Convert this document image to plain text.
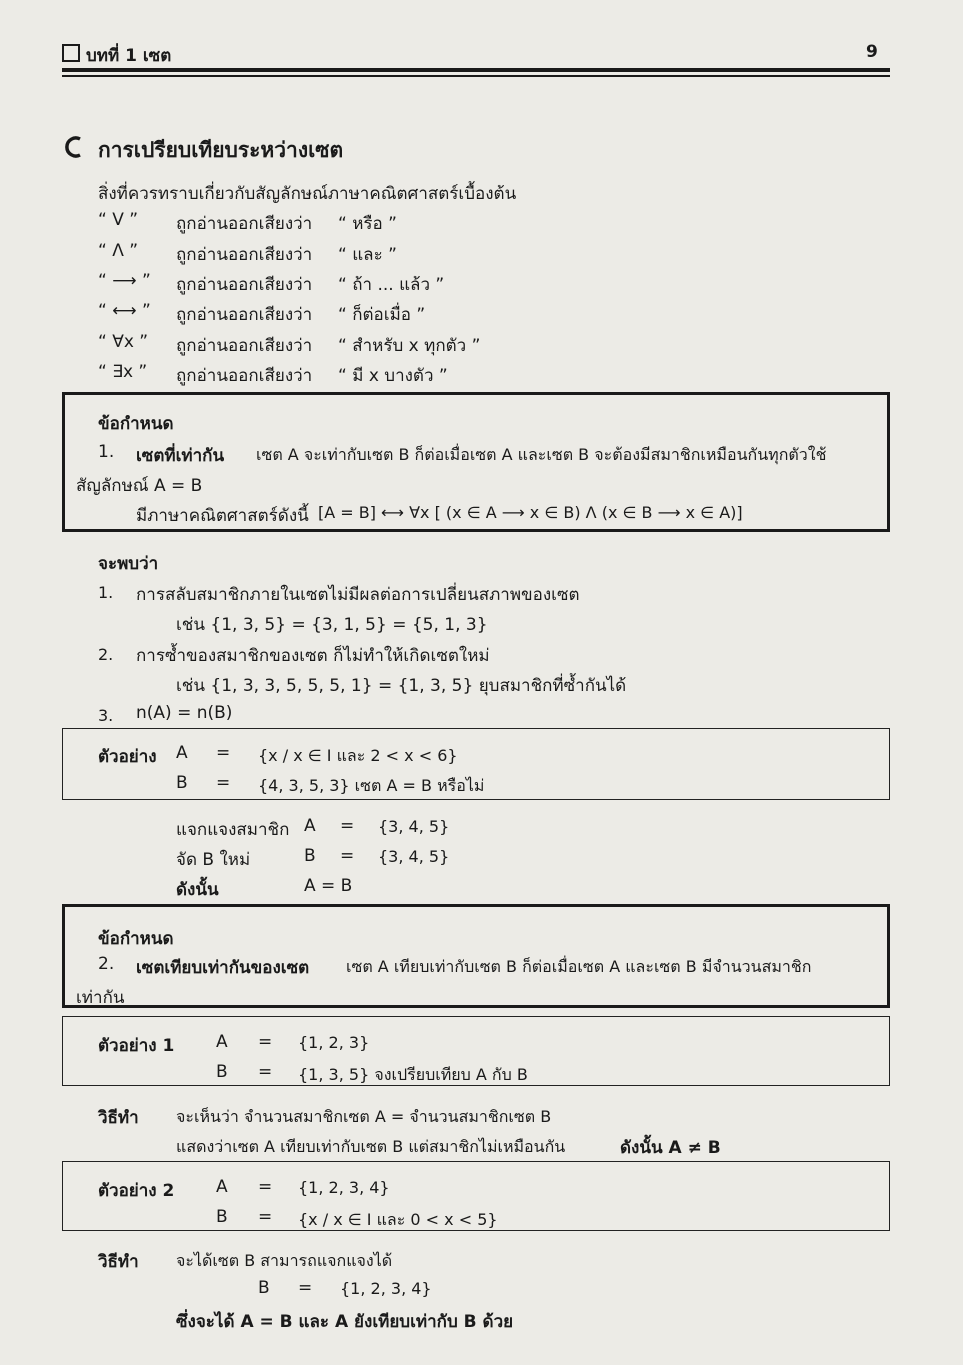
บทที่ 1 เซต	9
การเปรียบเทียบระหว่างเซต
สิ่งที่ควรทราบเกี่ยวกับสัญลักษณ์ภาษาคณิตศาสตร์เบื้องต้น
“ V ” ถูกอ่านออกเสียงว่า “ หรือ ”
“ Λ ” ถูกอ่านออกเสียงว่า “ และ ”
“ ⟶ ” ถูกอ่านออกเสียงว่า “ ถ้า ... แล้ว ”
“ ⟷ ” ถูกอ่านออกเสียงว่า “ ก็ต่อเมื่อ ”
“ ∀x ” ถูกอ่านออกเสียงว่า “ สำหรับ x ทุกตัว ”
“ ∃x ” ถูกอ่านออกเสียงว่า “ มี x บางตัว ”
ข้อกำหนด
1. เซตที่เท่ากัน เซต A จะเท่ากับเซต B ก็ต่อเมื่อเซต A และเซต B จะต้องมีสมาชิกเหมือนกันทุกตัวใช้
สัญลักษณ์ A = B
มีภาษาคณิตศาสตร์ดังนี้ [A = B] ⟷ ∀x [ (x ∈ A ⟶ x ∈ B) Λ (x ∈ B ⟶ x ∈ A)]
จะพบว่า
1. การสลับสมาชิกภายในเซตไม่มีผลต่อการเปลี่ยนสภาพของเซต
เช่น {1, 3, 5} = {3, 1, 5} = {5, 1, 3}
2. การซ้ำของสมาชิกของเซต ก็ไม่ทำให้เกิดเซตใหม่
เช่น {1, 3, 3, 5, 5, 5, 1} = {1, 3, 5} ยุบสมาชิกที่ซ้ำกันได้
3. n(A) = n(B)
ตัวอย่าง A = {x / x ∈ I และ 2 < x < 6}
B = {4, 3, 5, 3} เซต A = B หรือไม่
แจกแจงสมาชิก A = {3, 4, 5}
จัด B ใหม่	B = {3, 4, 5}
ดังนั้น	A = B
ข้อกำหนด
2. เซตเทียบเท่ากันของเซต เซต A เทียบเท่ากับเซต B ก็ต่อเมื่อเซต A และเซต B มีจำนวนสมาชิก
เท่ากัน
ตัวอย่าง 1 A = {1, 2, 3}
B = {1, 3, 5} จงเปรียบเทียบ A กับ B
วิธีทำ จะเห็นว่า จำนวนสมาชิกเซต A = จำนวนสมาชิกเซต B
แสดงว่าเซต A เทียบเท่ากับเซต B แต่สมาชิกไม่เหมือนกัน	ดังนั้น A ≠ B
ตัวอย่าง 2 A = {1, 2, 3, 4}
B = {x / x ∈ I และ 0 < x < 5}
วิธีทำ จะได้เซต B สามารถแจกแจงได้
B = {1, 2, 3, 4}
ซึ่งจะได้ A = B และ A ยังเทียบเท่ากับ B ด้วย
